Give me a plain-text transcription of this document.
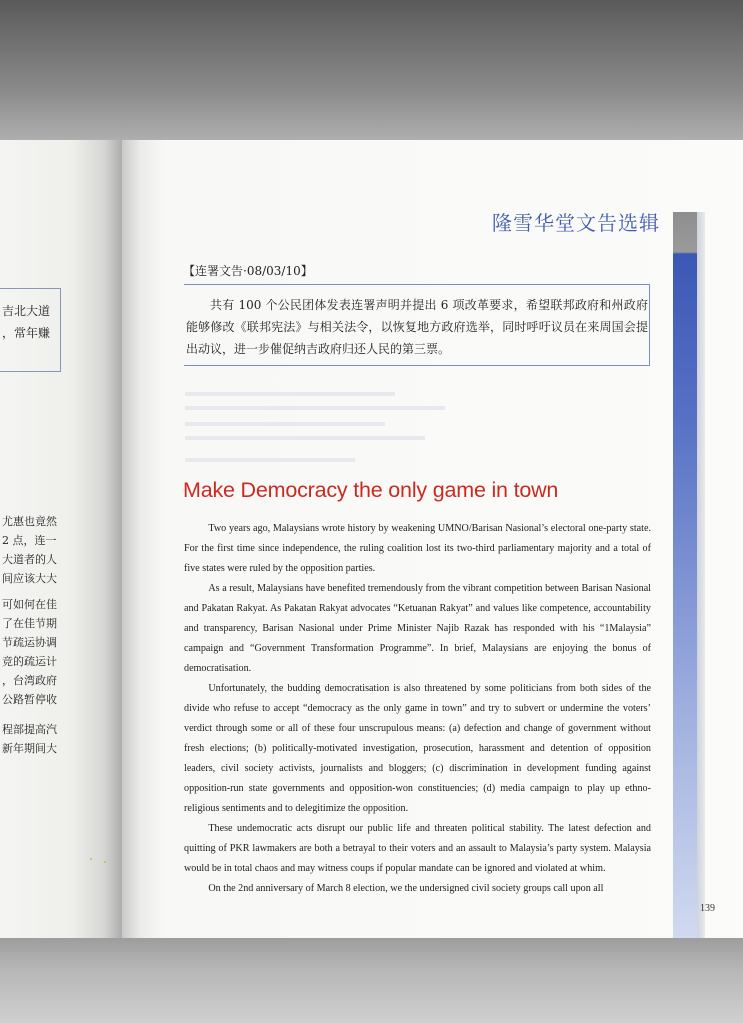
吉北大道
，常年赚

尤惠也竟然
2 点，连一
大道者的人
间应该大大
可如何在佳
了在佳节期
节疏运协调
竞的疏运计
，台湾政府
公路暂停收
程部提高汽
新年期间大
隆雪华堂文告选辑
【连署文告·08/03/10】
共有 100 个公民团体发表连署声明并提出 6 项改革要求，希望联邦政府和州政府能够修改《联邦宪法》与相关法令，以恢复地方政府选举，同时呼吁议员在来周国会提出动议，进一步催促纳吉政府归还人民的第三票。
Make Democracy the only game in town

Two years ago, Malaysians wrote history by weakening UMNO/Barisan Nasional’s electoral one-party state. For the first time since independence, the ruling coalition lost its two-third parliamentary majority and a total of five states were ruled by the opposition parties.

As a result, Malaysians have benefited tremendously from the vibrant competition between Barisan Nasional and Pakatan Rakyat. As Pakatan Rakyat advocates “Ketuanan Rakyat” and values like competence, accountability and transparency, Barisan Nasional under Prime Minister Najib Razak has responded with his “1Malaysia” campaign and “Government Transformation Programme”. In brief, Malaysians are enjoying the bonus of democratisation.

Unfortunately, the budding democratisation is also threatened by some politicians from both sides of the divide who refuse to accept “democracy as the only game in town” and try to subvert or undermine the voters’ verdict through some or all of these four unscrupulous means: (a) defection and change of government without fresh elections; (b) politically-motivated investigation, prosecution, harassment and detention of opposition leaders, civil society activists, journalists and bloggers; (c) discrimination in development funding against opposition-run state governments and opposition-won constituencies; (d) media campaign to play up ethno-religious sentiments and to delegitimize the opposition.

These undemocratic acts disrupt our public life and threaten political stability. The latest defection and quitting of PKR lawmakers are both a betrayal to their voters and an assault to Malaysia’s party system. Malaysia would be in total chaos and may witness coups if popular mandate can be ignored and violated at whim.

On the 2nd anniversary of March 8 election, we the undersigned civil society groups call upon all

139
